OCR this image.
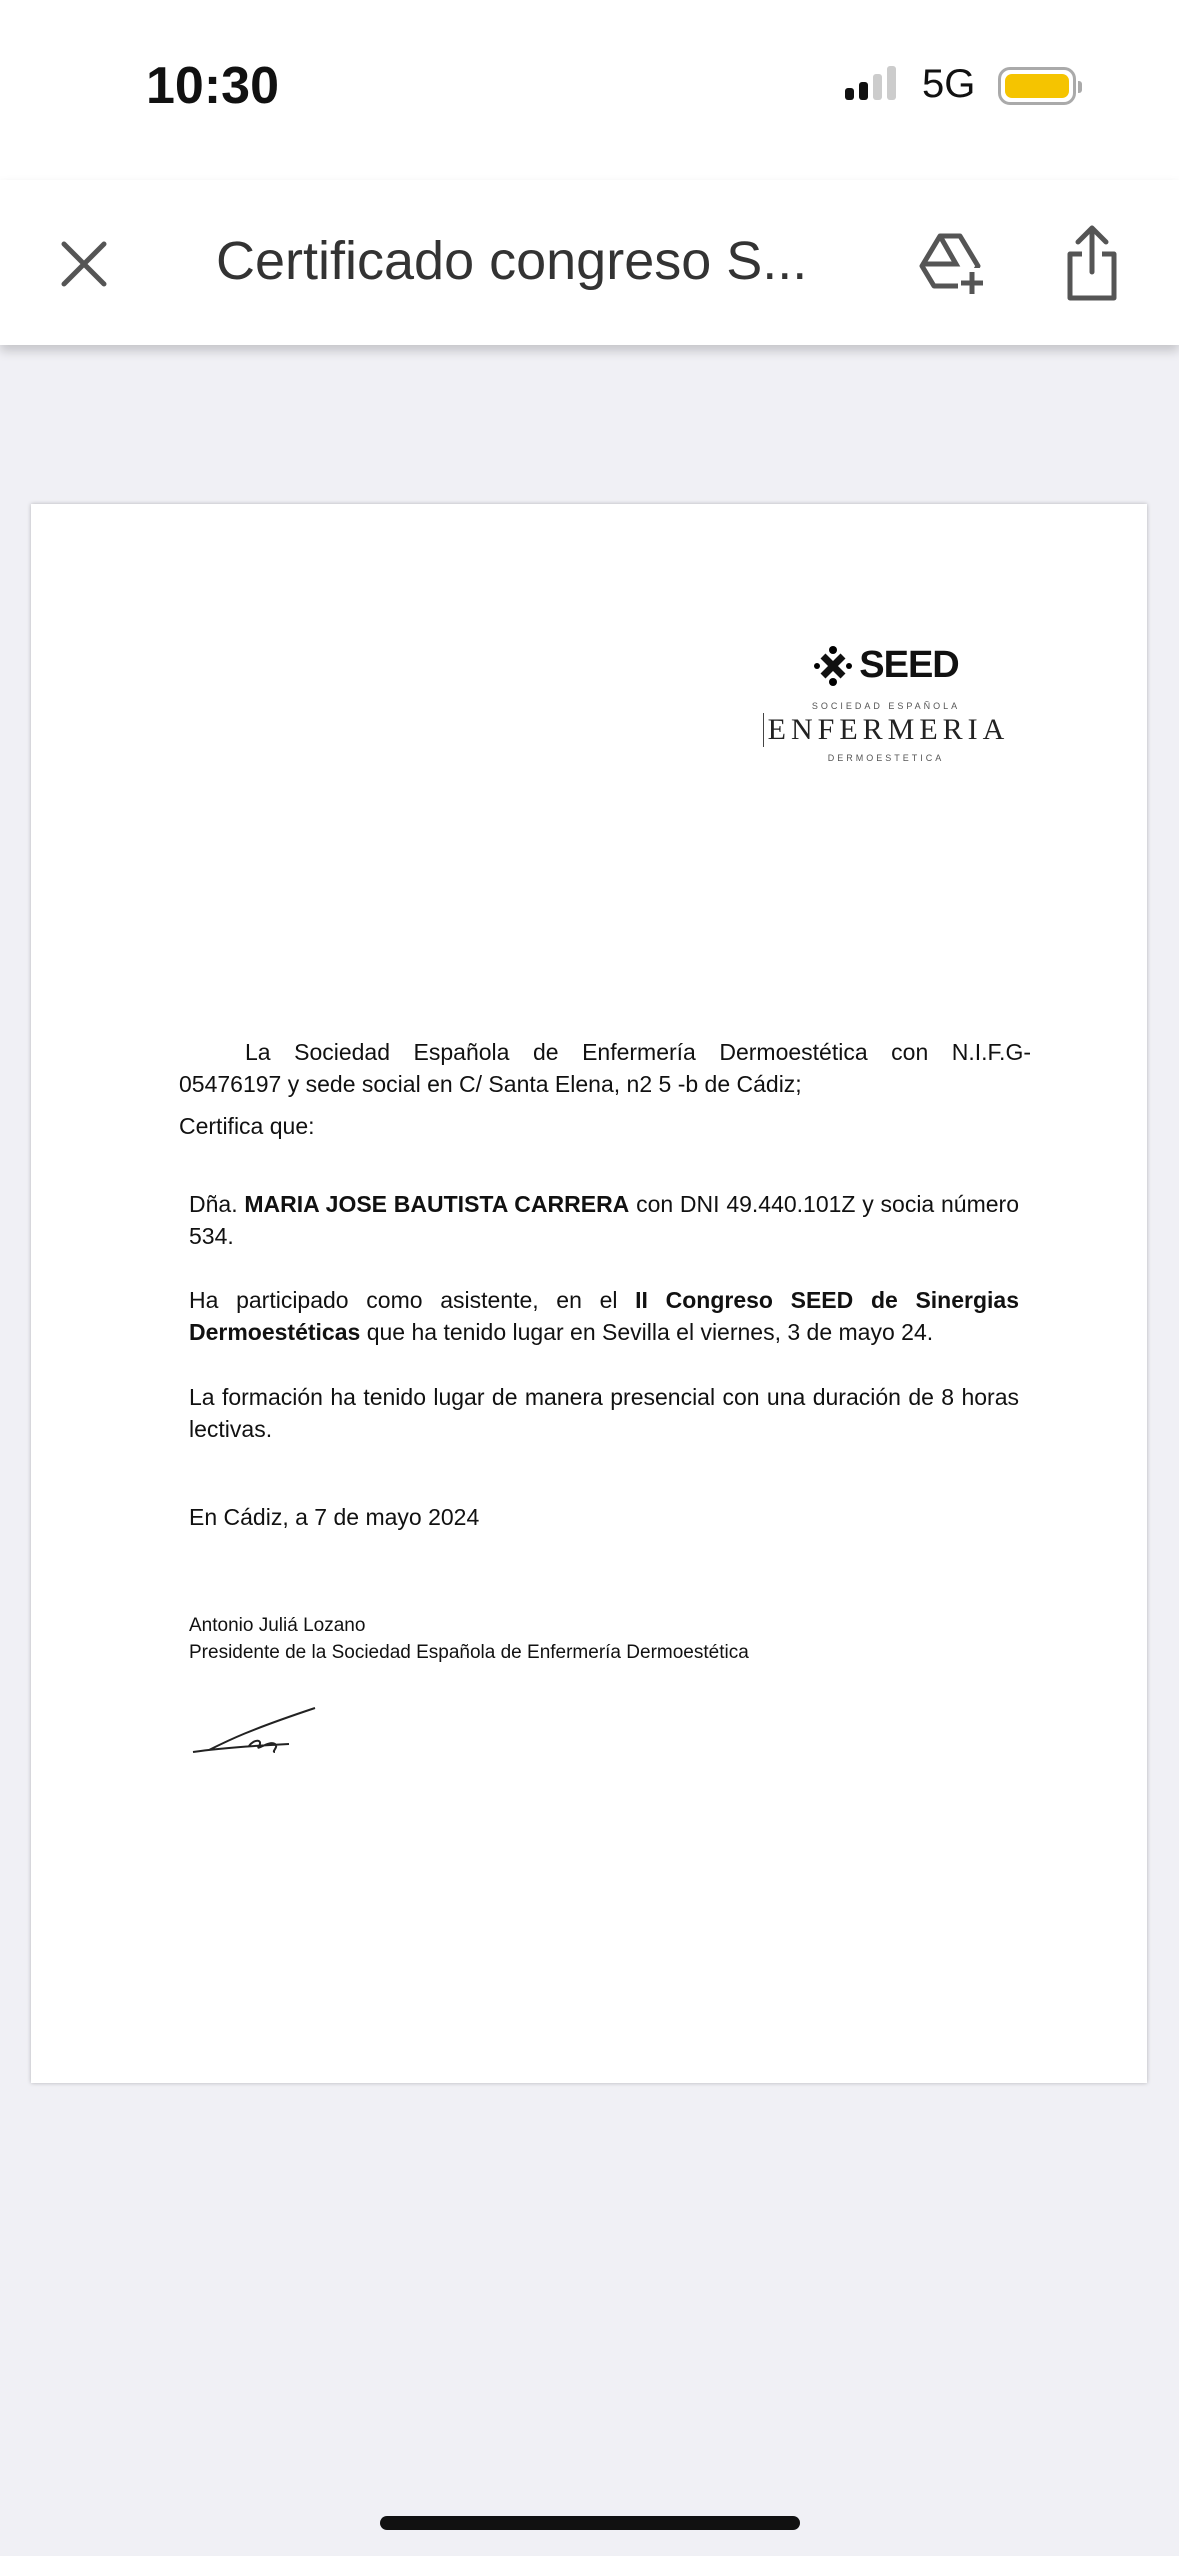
10:30	5G
Certificado congreso S...
SEED
SOCIEDAD ESPAÑOLA
ENFERMERIA
DERMOESTETICA
La Sociedad Española de Enfermería Dermoestética con N.I.F.G-
05476197 y sede social en C/ Santa Elena, n2 5 -b de Cádiz;
Certifica que:
Dña. MARIA JOSE BAUTISTA CARRERA con DNI 49.440.101Z y socia número 534.
Ha participado como asistente, en el II Congreso SEED de Sinergias Dermoestéticas que ha tenido lugar en Sevilla el viernes, 3 de mayo 24.
La formación ha tenido lugar de manera presencial con una duración de 8 horas lectivas.
En Cádiz, a 7 de mayo 2024
Antonio Juliá Lozano
Presidente de la Sociedad Española de Enfermería Dermoestética
